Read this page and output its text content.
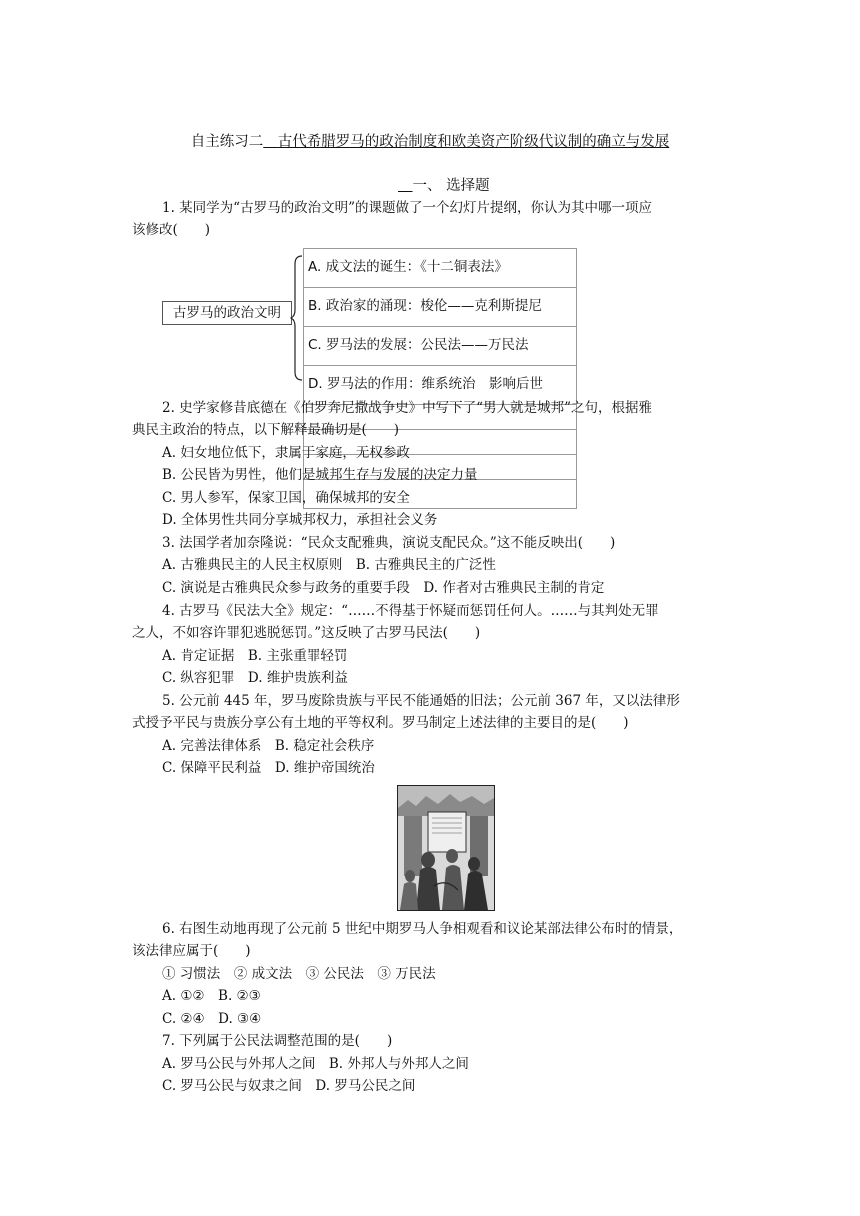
自主练习二　 古代希腊罗马的政治制度和欧美资产阶级代议制的确立与发展
　一、 选择题

1. 某同学为“古罗马的政治文明”的课题做了一个幻灯片提纲，你认为其中哪一项应

该修改(　　)

古罗马的政治文明
A. 成文法的诞生：《十二铜表法》
B. 政治家的涌现：梭伦——克利斯提尼
C. 罗马法的发展：公民法——万民法
D. 罗马法的作用：维系统治　影响后世

2. 史学家修昔底德在《伯罗奔尼撒战争史》中写下了“男人就是城邦”之句，根据雅

典民主政治的特点，以下解释最确切是(　　)

A. 妇女地位低下，隶属于家庭，无权参政

B. 公民皆为男性，他们是城邦生存与发展的决定力量

C. 男人参军，保家卫国，确保城邦的安全

D. 全体男性共同分享城邦权力，承担社会义务

3. 法国学者加奈隆说：“民众支配雅典，演说支配民众。”这不能反映出(　　)

A. 古雅典民主的人民主权原则　B. 古雅典民主的广泛性

C. 演说是古雅典民众参与政务的重要手段　D. 作者对古雅典民主制的肯定

4. 古罗马《民法大全》规定：“……不得基于怀疑而惩罚任何人。……与其判处无罪

之人，不如容许罪犯逃脱惩罚。”这反映了古罗马民法(　　)

A. 肯定证据　B. 主张重罪轻罚

C. 纵容犯罪　D. 维护贵族利益

5. 公元前 445 年，罗马废除贵族与平民不能通婚的旧法；公元前 367 年，又以法律形

式授予平民与贵族分享公有土地的平等权利。罗马制定上述法律的主要目的是(　　)

A. 完善法律体系　B. 稳定社会秩序

C. 保障平民利益　D. 维护帝国统治

6. 右图生动地再现了公元前 5 世纪中期罗马人争相观看和议论某部法律公布时的情景，

该法律应属于(　　)

① 习惯法　② 成文法　③ 公民法　③ 万民法

A. ①②　B. ②③

C. ②④　D. ③④

7. 下列属于公民法调整范围的是(　　)

A. 罗马公民与外邦人之间　B. 外邦人与外邦人之间

C. 罗马公民与奴隶之间　D. 罗马公民之间
